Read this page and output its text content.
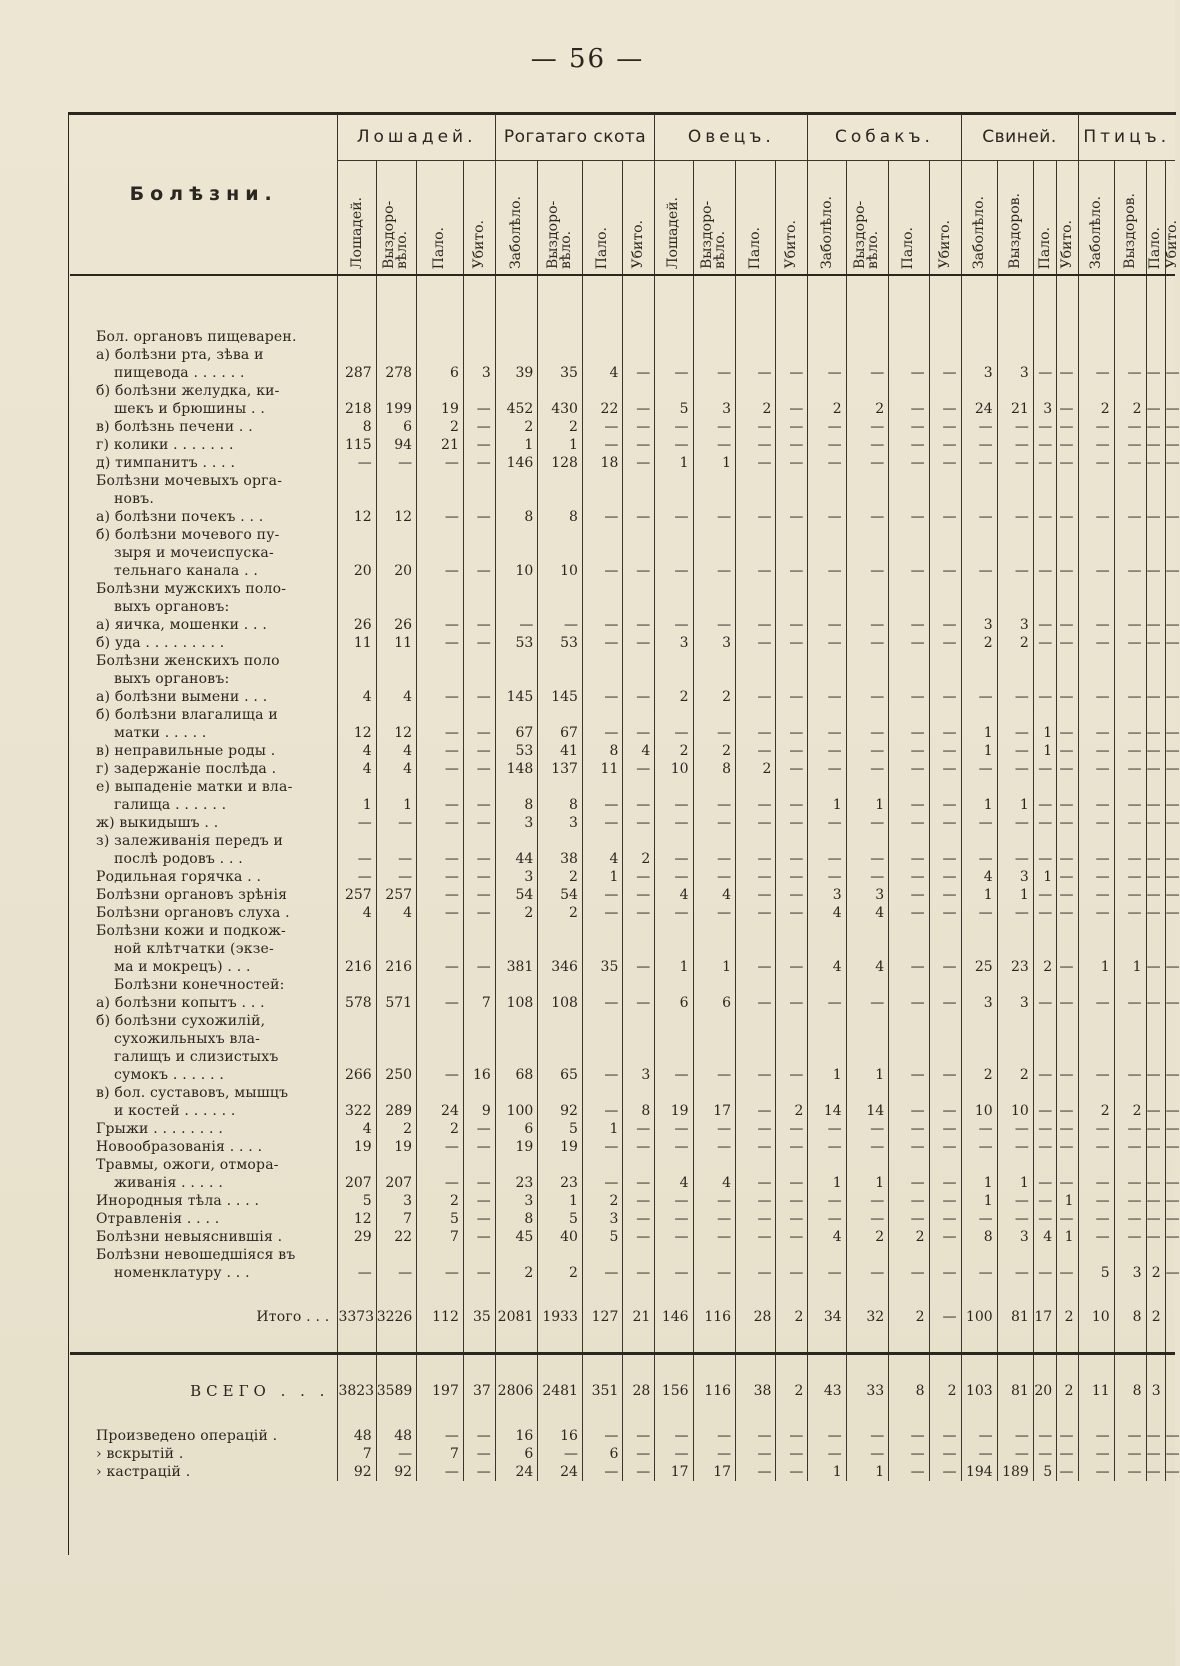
— 56 —
Болѣзни.	Лошадей.				Рогатаго скота				Овецъ.				Собакъ.				Свиней.				Птицъ.			
	Лошадей.	Выздоро-вѣло.	Пало.	Убито.	Заболѣло.	Выздоро-вѣло.	Пало.	Убито.	Лошадей.	Выздоро-вѣло.	Пало.	Убито.	Заболѣло.	Выздоро-вѣло.	Пало.	Убито.	Заболѣло.	Выздоров.	Пало.	Убито.	Заболѣло.	Выздоров.	Пало.	Убито.

Бол. органовъ пищеварен.																								
а) болѣзни рта, зѣва и																								
пищевода . . . . . .	287	278	6	3	39	35	4	—	—	—	—	—	—	—	—	—	3	3	—	—	—	—	—	—
б) болѣзни желудка, ки-																								
шекъ и брюшины . .	218	199	19	—	452	430	22	—	5	3	2	—	2	2	—	—	24	21	3	—	2	2	—	—
в) болѣзнь печени . .	8	6	2	—	2	2	—	—	—	—	—	—	—	—	—	—	—	—	—	—	—	—	—	—
г) колики . . . . . . .	115	94	21	—	1	1	—	—	—	—	—	—	—	—	—	—	—	—	—	—	—	—	—	—
д) тимпанитъ . . . .	—	—	—	—	146	128	18	—	1	1	—	—	—	—	—	—	—	—	—	—	—	—	—	—
Болѣзни мочевыхъ орга-																								
новъ.																								
а) болѣзни почекъ . . .	12	12	—	—	8	8	—	—	—	—	—	—	—	—	—	—	—	—	—	—	—	—	—	—
б) болѣзни мочевого пу-																								
зыря и мочеиспуска-																								
тельнаго канала . .	20	20	—	—	10	10	—	—	—	—	—	—	—	—	—	—	—	—	—	—	—	—	—	—
Болѣзни мужскихъ поло-																								
выхъ органовъ:																								
а) яичка, мошенки . . .	26	26	—	—	—	—	—	—	—	—	—	—	—	—	—	—	3	3	—	—	—	—	—	—
б) уда . . . . . . . . .	11	11	—	—	53	53	—	—	3	3	—	—	—	—	—	—	2	2	—	—	—	—	—	—
Болѣзни женскихъ поло																								
выхъ органовъ:																								
а) болѣзни вымени . . .	4	4	—	—	145	145	—	—	2	2	—	—	—	—	—	—	—	—	—	—	—	—	—	—
б) болѣзни влагалища и																								
матки . . . . .	12	12	—	—	67	67	—	—	—	—	—	—	—	—	—	—	1	—	1	—	—	—	—	—
в) неправильные роды .	4	4	—	—	53	41	8	4	2	2	—	—	—	—	—	—	1	—	1	—	—	—	—	—
г) задержаніе послѣда .	4	4	—	—	148	137	11	—	10	8	2	—	—	—	—	—	—	—	—	—	—	—	—	—
е) выпаденіе матки и вла-																								
галища . . . . . .	1	1	—	—	8	8	—	—	—	—	—	—	1	1	—	—	1	1	—	—	—	—	—	—
ж) выкидышъ . .	—	—	—	—	3	3	—	—	—	—	—	—	—	—	—	—	—	—	—	—	—	—	—	—
з) залеживанія передъ и																								
послѣ родовъ . . .	—	—	—	—	44	38	4	2	—	—	—	—	—	—	—	—	—	—	—	—	—	—	—	—
Родильная горячка . .	—	—	—	—	3	2	1	—	—	—	—	—	—	—	—	—	4	3	1	—	—	—	—	—
Болѣзни органовъ зрѣнія	257	257	—	—	54	54	—	—	4	4	—	—	3	3	—	—	1	1	—	—	—	—	—	—
Болѣзни органовъ слуха .	4	4	—	—	2	2	—	—	—	—	—	—	4	4	—	—	—	—	—	—	—	—	—	—
Болѣзни кожи и подкож-																								
ной клѣтчатки (экзе-																								
ма и мокрецъ) . . .	216	216	—	—	381	346	35	—	1	1	—	—	4	4	—	—	25	23	2	—	1	1	—	—
Болѣзни конечностей:																								
а) болѣзни копытъ . . .	578	571	—	7	108	108	—	—	6	6	—	—	—	—	—	—	3	3	—	—	—	—	—	—
б) болѣзни сухожилій,																								
сухожильныхъ вла-																								
галищъ и слизистыхъ																								
сумокъ . . . . . .	266	250	—	16	68	65	—	3	—	—	—	—	1	1	—	—	2	2	—	—	—	—	—	—
в) бол. суставовъ, мышцъ																								
и костей . . . . . .	322	289	24	9	100	92	—	8	19	17	—	2	14	14	—	—	10	10	—	—	2	2	—	—
Грыжи . . . . . . . .	4	2	2	—	6	5	1	—	—	—	—	—	—	—	—	—	—	—	—	—	—	—	—	—
Новообразованія . . . .	19	19	—	—	19	19	—	—	—	—	—	—	—	—	—	—	—	—	—	—	—	—	—	—
Травмы, ожоги, отмора-																								
живанія . . . . .	207	207	—	—	23	23	—	—	4	4	—	—	1	1	—	—	1	1	—	—	—	—	—	—
Инородныя тѣла . . . .	5	3	2	—	3	1	2	—	—	—	—	—	—	—	—	—	1	—	—	1	—	—	—	—
Отравленія . . . .	12	7	5	—	8	5	3	—	—	—	—	—	—	—	—	—	—	—	—	—	—	—	—	—
Болѣзни невыяснившія .	29	22	7	—	45	40	5	—	—	—	—	—	4	2	2	—	8	3	4	1	—	—	—	—
Болѣзни невошедшіяся въ																								
номенклатуру . . .	—	—	—	—	2	2	—	—	—	—	—	—	—	—	—	—	—	—	—	—	5	3	2	—
Итого . . .	3373	3226	112	35	2081	1933	127	21	146	116	28	2	34	32	2	—	100	81	17	2	10	8	2	
ВСЕГО . . .	3823	3589	197	37	2806	2481	351	28	156	116	38	2	43	33	8	2	103	81	20	2	11	8	3	
Произведено операцій .	48	48	—	—	16	16	—	—	—	—	—	—	—	—	—	—	—	—	—	—	—	—	—	—
› вскрытій .	7	—	7	—	6	—	6	—	—	—	—	—	—	—	—	—	—	—	—	—	—	—	—	—
› кастрацій .	92	92	—	—	24	24	—	—	17	17	—	—	1	1	—	—	194	189	5	—	—	—	—	—
